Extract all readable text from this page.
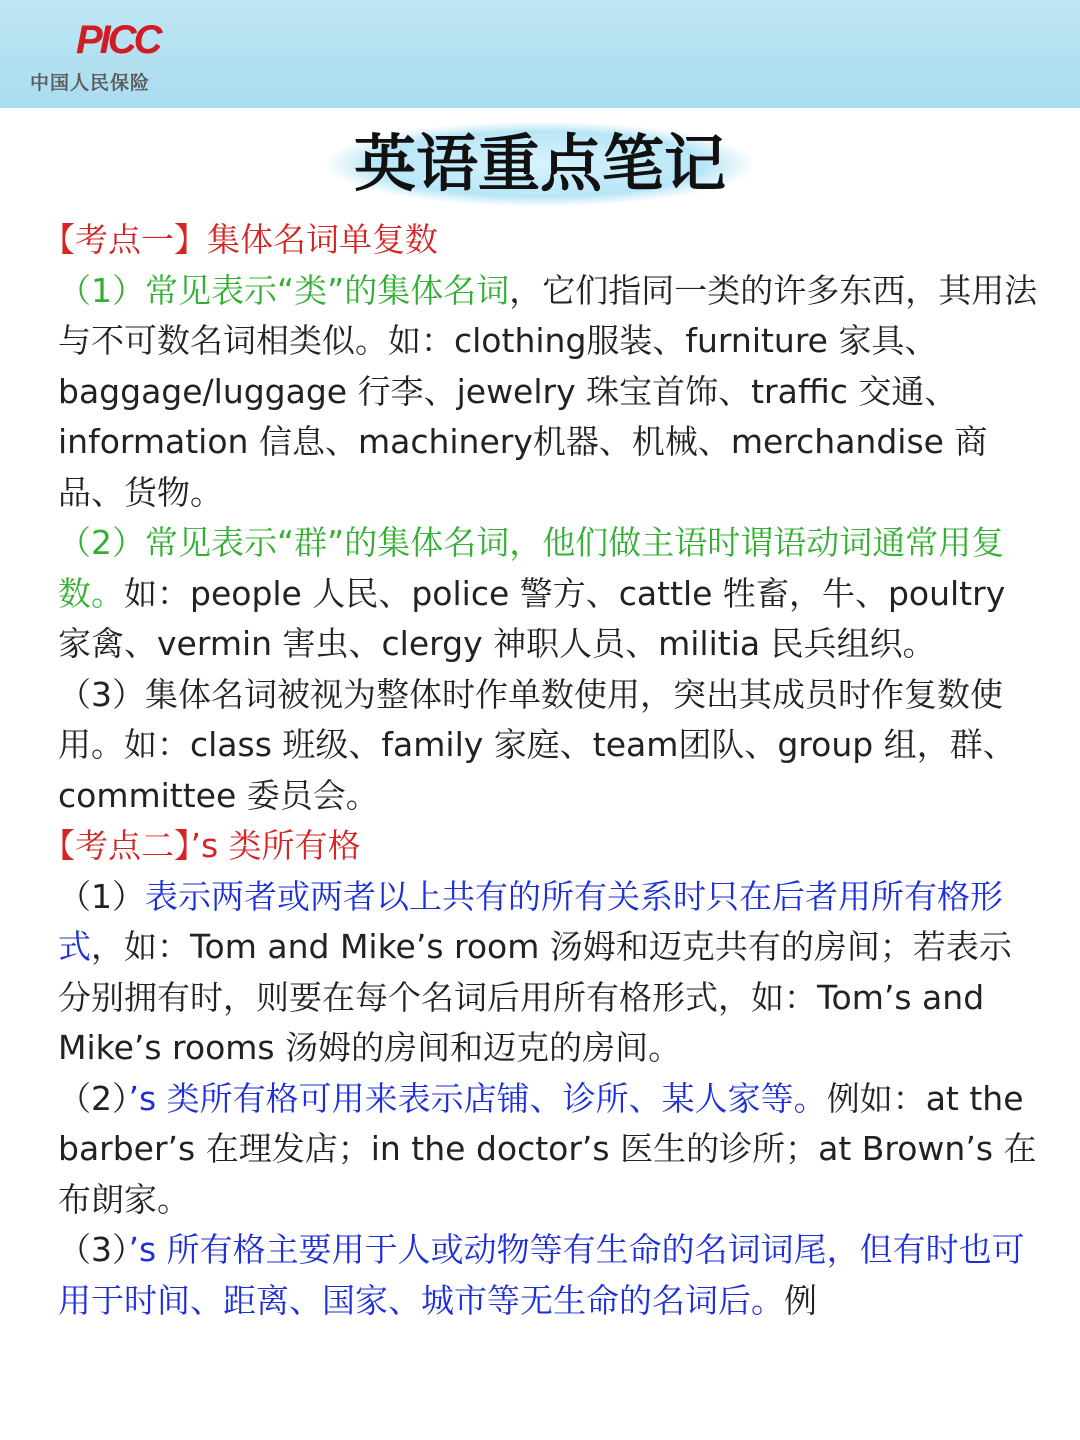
PICC
中国人民保险
英语重点笔记

【考点一】集体名词单复数

（1）常见表示“类”的集体名词，它们指同一类的许多东西，其用法与不可数名词相类似。如：clothing服装、furniture 家具、baggage/luggage 行李、jewelry 珠宝首饰、traffic 交通、information 信息、machinery机器、机械、merchandise 商品、货物。

（2）常见表示“群”的集体名词，他们做主语时谓语动词通常用复数。如：people 人民、police 警方、cattle 牲畜，牛、poultry 家禽、vermin 害虫、clergy 神职人员、militia 民兵组织。

（3）集体名词被视为整体时作单数使用，突出其成员时作复数使用。如：class 班级、family 家庭、team团队、group 组，群、committee 委员会。

【考点二】’s 类所有格

（1）表示两者或两者以上共有的所有关系时只在后者用所有格形式，如：Tom and Mike’s room 汤姆和迈克共有的房间；若表示分别拥有时，则要在每个名词后用所有格形式，如：Tom’s and Mike’s rooms 汤姆的房间和迈克的房间。

（2）’s 类所有格可用来表示店铺、诊所、某人家等。例如：at the barber’s 在理发店；in the doctor’s 医生的诊所；at Brown’s 在布朗家。

（3）’s 所有格主要用于人或动物等有生命的名词词尾，但有时也可用于时间、距离、国家、城市等无生命的名词后。例
